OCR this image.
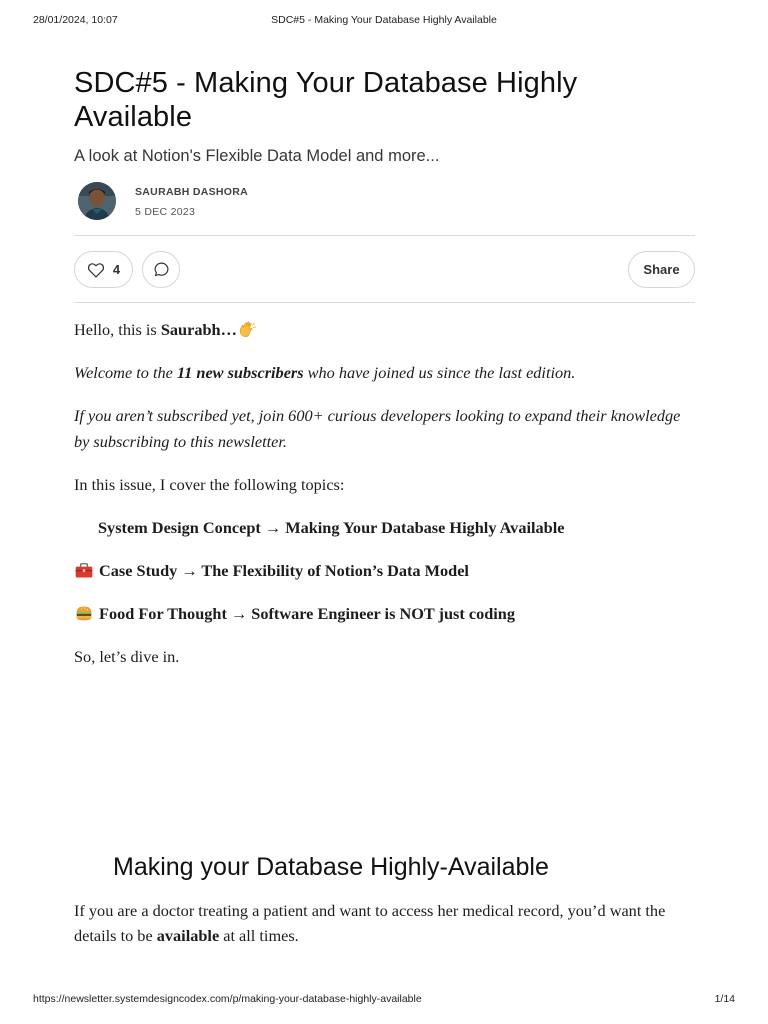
28/01/2024, 10:07	SDC#5 - Making Your Database Highly Available
SDC#5 - Making Your Database Highly Available
A look at Notion's Flexible Data Model and more...
SAURABH DASHORA
5 DEC 2023
4	Share
Hello, this is Saurabh…
Welcome to the 11 new subscribers who have joined us since the last edition.
If you aren’t subscribed yet, join 600+ curious developers looking to expand their knowledge by subscribing to this newsletter.
In this issue, I cover the following topics:
System Design Concept → Making Your Database Highly Available
Case Study → The Flexibility of Notion’s Data Model
Food For Thought → Software Engineer is NOT just coding
So, let’s dive in.
Making your Database Highly-Available
If you are a doctor treating a patient and want to access her medical record, you’d want the details to be available at all times.
https://newsletter.systemdesigncodex.com/p/making-your-database-highly-available	1/14
